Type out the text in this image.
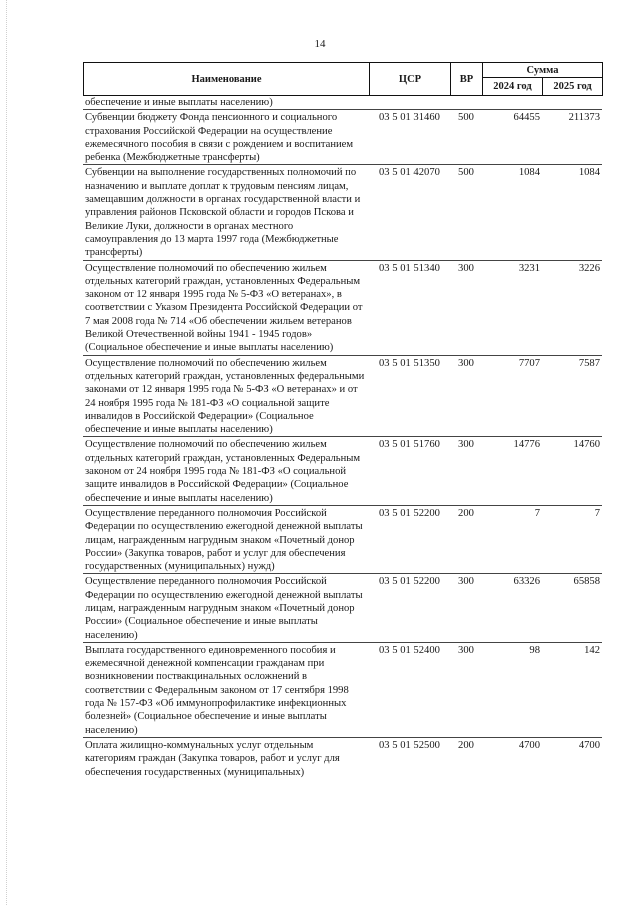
14
Наименование	ЦСР	ВР	Сумма	
			2024 год	2025 год
обеспечение и иные выплаты населению)				
Субвенции бюджету Фонда пенсионного и социального страхования Российской Федерации на осуществление ежемесячного пособия в связи с рождением и воспитанием ребенка (Межбюджетные трансферты)	03 5 01 31460	500	64455	211373
Субвенции на выполнение государственных полномочий по назначению и выплате доплат к трудовым пенсиям лицам, замещавшим должности в органах государственной власти и управления районов Псковской области и городов Пскова и Великие Луки, должности в органах местного самоуправления до 13 марта 1997 года (Межбюджетные трансферты)	03 5 01 42070	500	1084	1084
Осуществление полномочий по обеспечению жильем отдельных категорий граждан, установленных Федеральным законом от 12 января 1995 года № 5-ФЗ «О ветеранах», в соответствии с Указом Президента Российской Федерации от 7 мая 2008 года № 714 «Об обеспечении жильем ветеранов Великой Отечественной войны 1941 - 1945 годов» (Социальное обеспечение и иные выплаты населению)	03 5 01 51340	300	3231	3226
Осуществление полномочий по обеспечению жильем отдельных категорий граждан, установленных федеральными законами от 12 января 1995 года № 5-ФЗ «О ветеранах» и от 24 ноября 1995 года № 181-ФЗ «О социальной защите инвалидов в Российской Федерации» (Социальное обеспечение и иные выплаты населению)	03 5 01 51350	300	7707	7587
Осуществление полномочий по обеспечению жильем отдельных категорий граждан, установленных Федеральным законом от 24 ноября 1995 года № 181-ФЗ «О социальной защите инвалидов в Российской Федерации» (Социальное обеспечение и иные выплаты населению)	03 5 01 51760	300	14776	14760
Осуществление переданного полномочия Российской Федерации по осуществлению ежегодной денежной выплаты лицам, награжденным нагрудным знаком «Почетный донор России» (Закупка товаров, работ и услуг для обеспечения государственных (муниципальных) нужд)	03 5 01 52200	200	7	7
Осуществление переданного полномочия Российской Федерации по осуществлению ежегодной денежной выплаты лицам, награжденным нагрудным знаком «Почетный донор России» (Социальное обеспечение и иные выплаты населению)	03 5 01 52200	300	63326	65858
Выплата государственного единовременного пособия и ежемесячной денежной компенсации гражданам при возникновении поствакцинальных осложнений в соответствии с Федеральным законом от 17 сентября 1998 года № 157-ФЗ «Об иммунопрофилактике инфекционных болезней» (Социальное обеспечение и иные выплаты населению)	03 5 01 52400	300	98	142
Оплата жилищно-коммунальных услуг отдельным категориям граждан (Закупка товаров, работ и услуг для обеспечения государственных (муниципальных)	03 5 01 52500	200	4700	4700
